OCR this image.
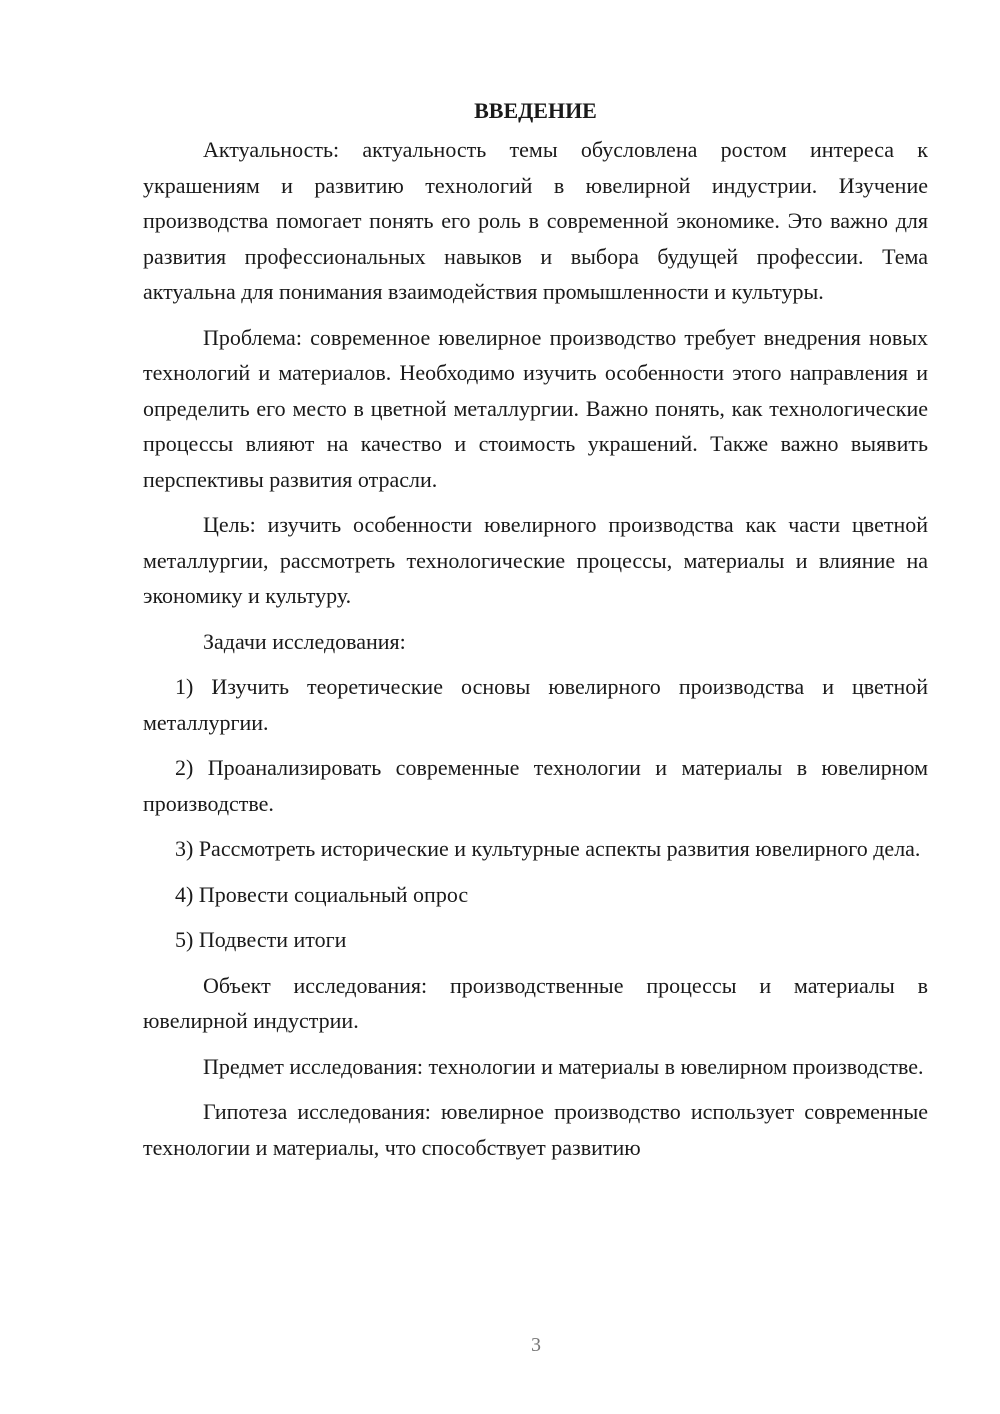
ВВЕДЕНИЕ

Актуальность: актуальность темы обусловлена ростом интереса к украшениям и развитию технологий в ювелирной индустрии. Изучение производства помогает понять его роль в современной экономике. Это важно для развития профессиональных навыков и выбора будущей профессии. Тема актуальна для понимания взаимодействия промышленности и культуры.

Проблема: современное ювелирное производство требует внедрения новых технологий и материалов. Необходимо изучить особенности этого направления и определить его место в цветной металлургии. Важно понять, как технологические процессы влияют на качество и стоимость украшений. Также важно выявить перспективы развития отрасли.

Цель: изучить особенности ювелирного производства как части цветной металлургии, рассмотреть технологические процессы, материалы и влияние на экономику и культуру.

Задачи исследования:

1) Изучить теоретические основы ювелирного производства и цветной металлургии.

2) Проанализировать современные технологии и материалы в ювелирном производстве.

3) Рассмотреть исторические и культурные аспекты развития ювелирного дела.

4) Провести социальный опрос

5) Подвести итоги

Объект исследования: производственные процессы и материалы в ювелирной индустрии.

Предмет исследования: технологии и материалы в ювелирном производстве.

Гипотеза исследования: ювелирное производство использует современные технологии и материалы, что способствует развитию

3
